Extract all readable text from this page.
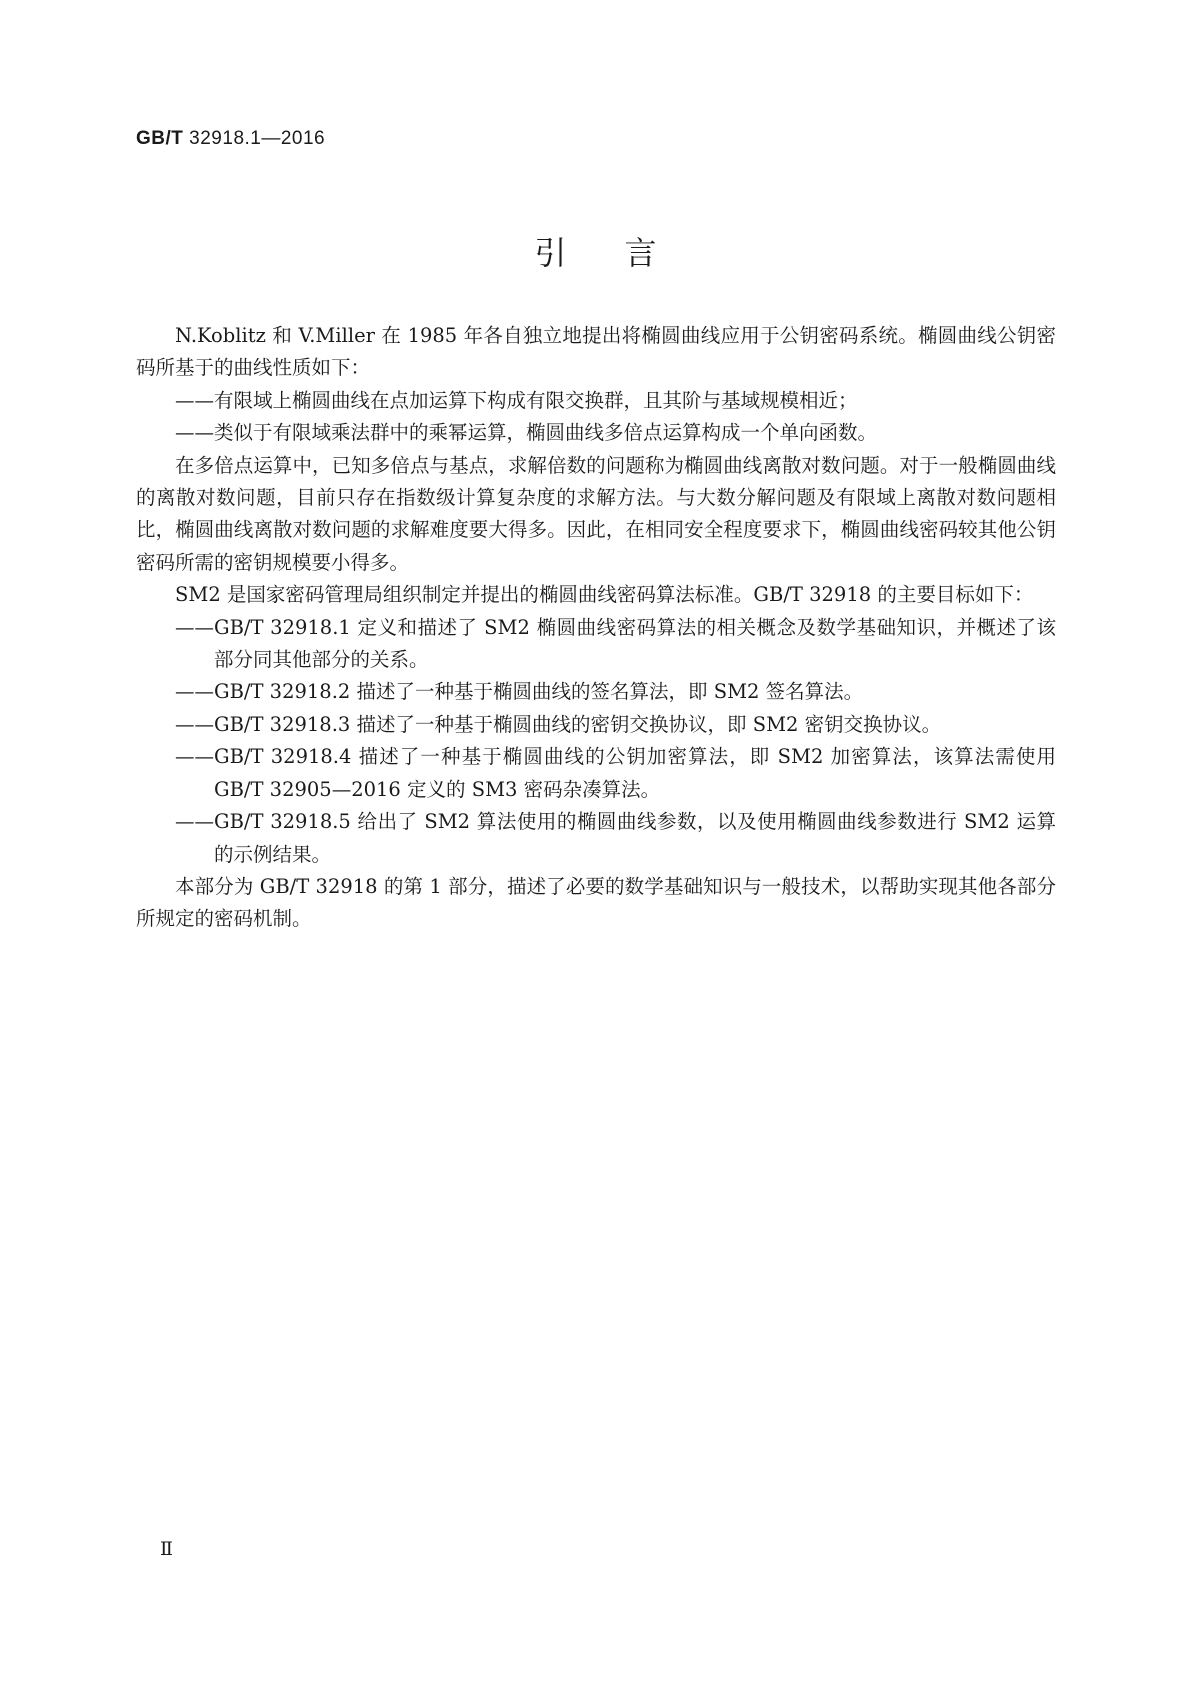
GB/T 32918.1—2016
引言

N.Koblitz 和 V.Miller 在 1985 年各自独立地提出将椭圆曲线应用于公钥密码系统。椭圆曲线公钥密码所基于的曲线性质如下：

——有限域上椭圆曲线在点加运算下构成有限交换群，且其阶与基域规模相近；

——类似于有限域乘法群中的乘幂运算，椭圆曲线多倍点运算构成一个单向函数。

在多倍点运算中，已知多倍点与基点，求解倍数的问题称为椭圆曲线离散对数问题。对于一般椭圆曲线的离散对数问题，目前只存在指数级计算复杂度的求解方法。与大数分解问题及有限域上离散对数问题相比，椭圆曲线离散对数问题的求解难度要大得多。因此，在相同安全程度要求下，椭圆曲线密码较其他公钥密码所需的密钥规模要小得多。

SM2 是国家密码管理局组织制定并提出的椭圆曲线密码算法标准。GB/T 32918 的主要目标如下：

——GB/T 32918.1 定义和描述了 SM2 椭圆曲线密码算法的相关概念及数学基础知识，并概述了该部分同其他部分的关系。

——GB/T 32918.2 描述了一种基于椭圆曲线的签名算法，即 SM2 签名算法。

——GB/T 32918.3 描述了一种基于椭圆曲线的密钥交换协议，即 SM2 密钥交换协议。

——GB/T 32918.4 描述了一种基于椭圆曲线的公钥加密算法，即 SM2 加密算法，该算法需使用 GB/T 32905—2016 定义的 SM3 密码杂凑算法。

——GB/T 32918.5 给出了 SM2 算法使用的椭圆曲线参数，以及使用椭圆曲线参数进行 SM2 运算的示例结果。

本部分为 GB/T 32918 的第 1 部分，描述了必要的数学基础知识与一般技术，以帮助实现其他各部分所规定的密码机制。

II
